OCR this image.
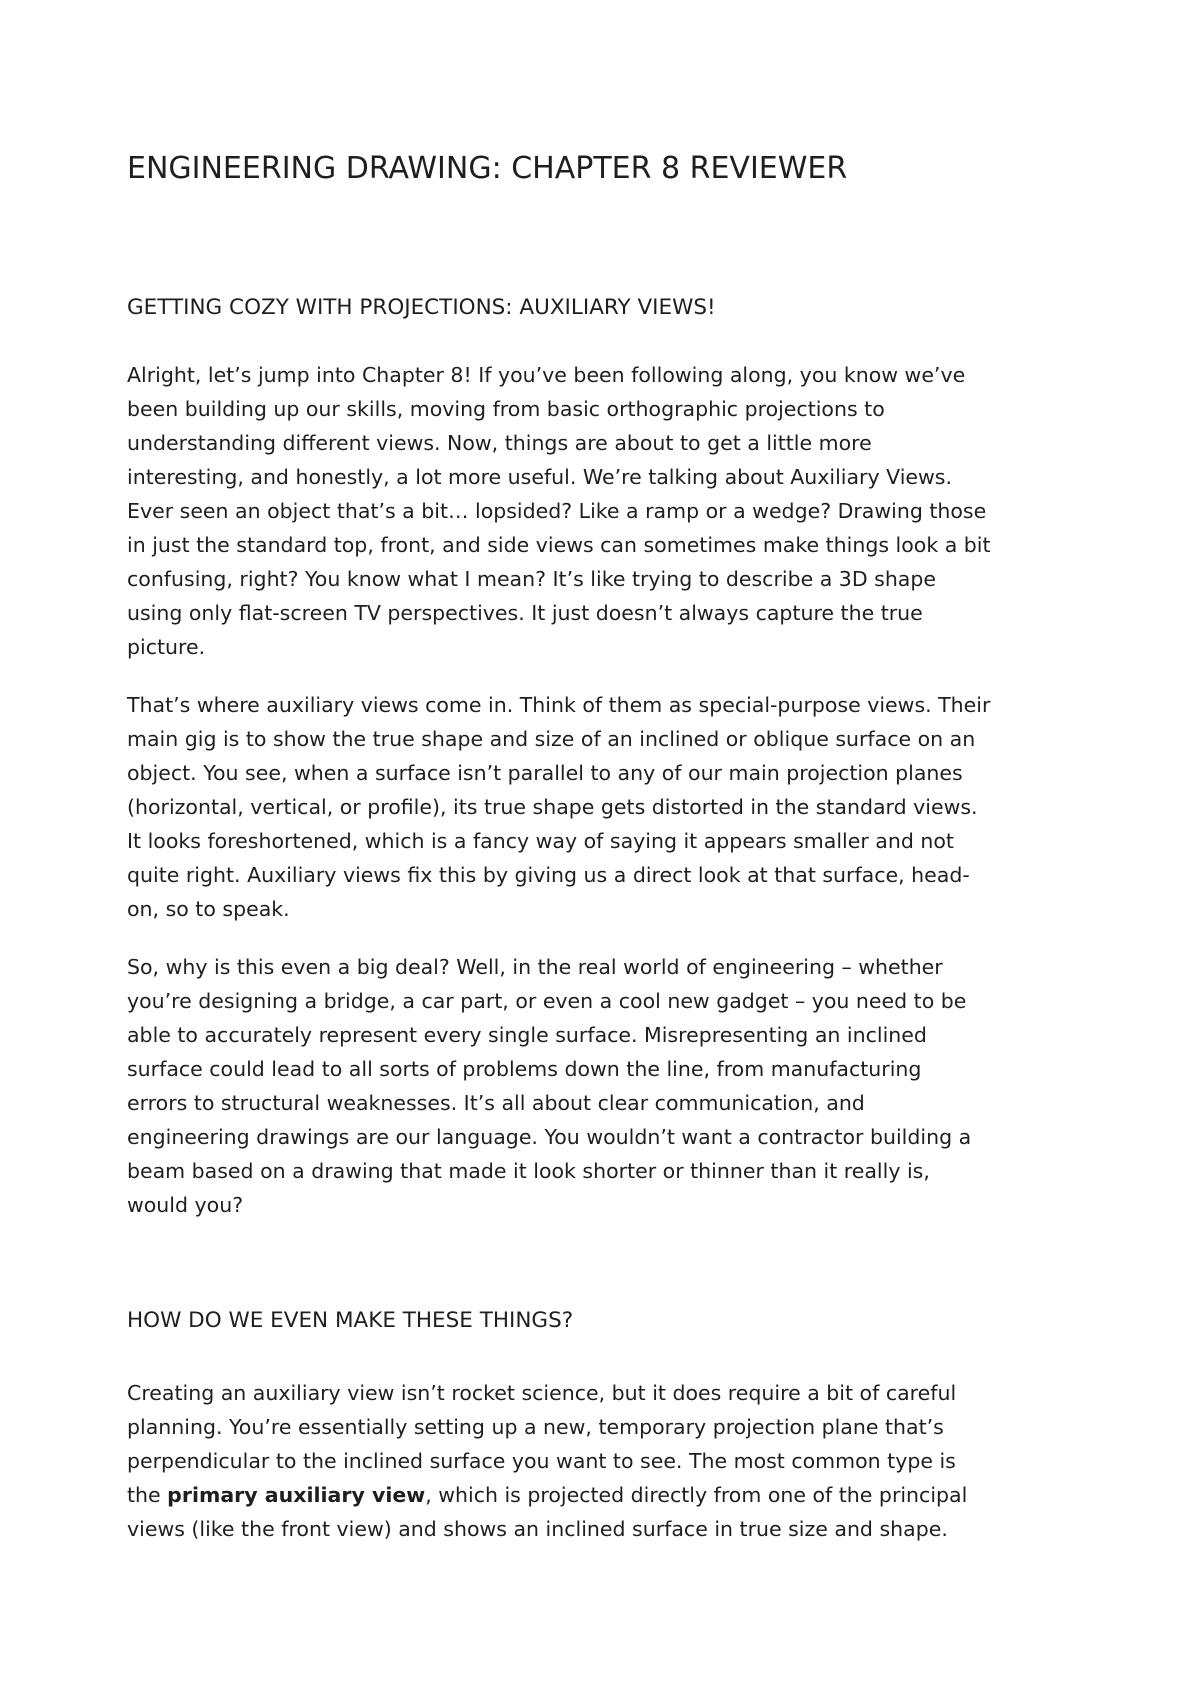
ENGINEERING DRAWING: CHAPTER 8 REVIEWER
GETTING COZY WITH PROJECTIONS: AUXILIARY VIEWS!

Alright, let’s jump into Chapter 8! If you’ve been following along, you know we’ve
been building up our skills, moving from basic orthographic projections to
understanding different views. Now, things are about to get a little more
interesting, and honestly, a lot more useful. We’re talking about Auxiliary Views.
Ever seen an object that’s a bit… lopsided? Like a ramp or a wedge? Drawing those
in just the standard top, front, and side views can sometimes make things look a bit
confusing, right? You know what I mean? It’s like trying to describe a 3D shape
using only flat-screen TV perspectives. It just doesn’t always capture the true
picture.

That’s where auxiliary views come in. Think of them as special-purpose views. Their
main gig is to show the true shape and size of an inclined or oblique surface on an
object. You see, when a surface isn’t parallel to any of our main projection planes
(horizontal, vertical, or profile), its true shape gets distorted in the standard views.
It looks foreshortened, which is a fancy way of saying it appears smaller and not
quite right. Auxiliary views fix this by giving us a direct look at that surface, head-
on, so to speak.

So, why is this even a big deal? Well, in the real world of engineering – whether
you’re designing a bridge, a car part, or even a cool new gadget – you need to be
able to accurately represent every single surface. Misrepresenting an inclined
surface could lead to all sorts of problems down the line, from manufacturing
errors to structural weaknesses. It’s all about clear communication, and
engineering drawings are our language. You wouldn’t want a contractor building a
beam based on a drawing that made it look shorter or thinner than it really is,
would you?

HOW DO WE EVEN MAKE THESE THINGS?

Creating an auxiliary view isn’t rocket science, but it does require a bit of careful
planning. You’re essentially setting up a new, temporary projection plane that’s
perpendicular to the inclined surface you want to see. The most common type is
the primary auxiliary view, which is projected directly from one of the principal
views (like the front view) and shows an inclined surface in true size and shape.
